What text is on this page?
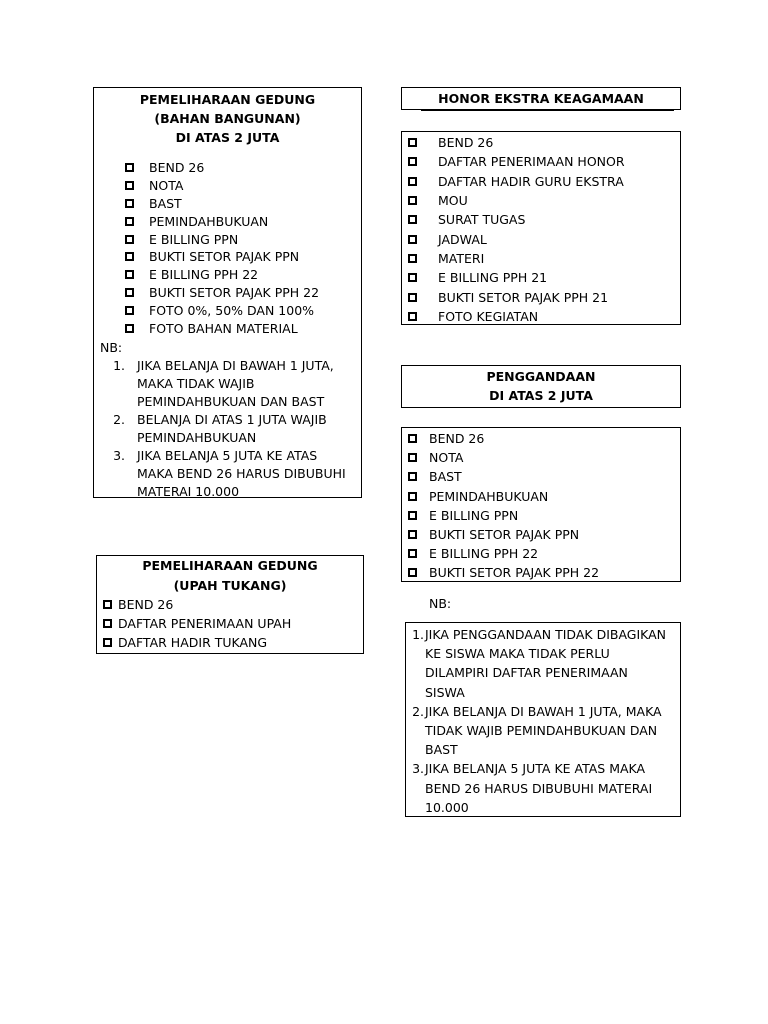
PEMELIHARAAN GEDUNG
(BAHAN BANGUNAN)
DI ATAS 2 JUTA
BEND 26
NOTA
BAST
PEMINDAHBUKUAN
E BILLING PPN
BUKTI SETOR PAJAK PPN
E BILLING PPH 22
BUKTI SETOR PAJAK PPH 22
FOTO 0%, 50% DAN 100%
FOTO BAHAN MATERIAL
NB:
1. JIKA BELANJA DI BAWAH 1 JUTA,
MAKA TIDAK WAJIB
PEMINDAHBUKUAN DAN BAST
2. BELANJA DI ATAS 1 JUTA WAJIB
PEMINDAHBUKUAN
3. JIKA BELANJA 5 JUTA KE ATAS
MAKA BEND 26 HARUS DIBUBUHI
MATERAI 10.000
PEMELIHARAAN GEDUNG
(UPAH TUKANG)
BEND 26
DAFTAR PENERIMAAN UPAH
DAFTAR HADIR TUKANG
HONOR EKSTRA KEAGAMAAN
BEND 26
DAFTAR PENERIMAAN HONOR
DAFTAR HADIR GURU EKSTRA
MOU
SURAT TUGAS
JADWAL
MATERI
E BILLING PPH 21
BUKTI SETOR PAJAK PPH 21
FOTO KEGIATAN
PENGGANDAAN
DI ATAS 2 JUTA
BEND 26
NOTA
BAST
PEMINDAHBUKUAN
E BILLING PPN
BUKTI SETOR PAJAK PPN
E BILLING PPH 22
BUKTI SETOR PAJAK PPH 22
NB:
1. JIKA PENGGANDAAN TIDAK DIBAGIKAN
KE SISWA MAKA TIDAK PERLU
DILAMPIRI DAFTAR PENERIMAAN
SISWA
2. JIKA BELANJA DI BAWAH 1 JUTA, MAKA
TIDAK WAJIB PEMINDAHBUKUAN DAN
BAST
3. JIKA BELANJA 5 JUTA KE ATAS MAKA
BEND 26 HARUS DIBUBUHI MATERAI
10.000
